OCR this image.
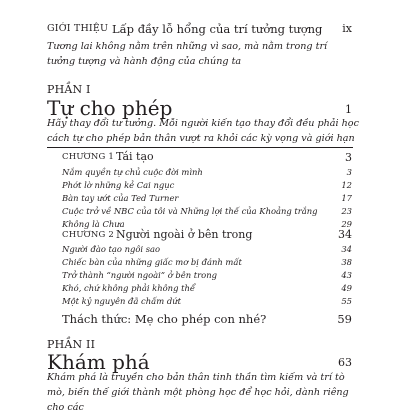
GIỚI THIỆU Lấp đầy lỗ hổng của trí tưởng tượng ix
Tương lai không nằm trên những vì sao, mà nằm trong trí tưởng tượng và hành động của chúng ta
PHẦN I
Tự cho phép	1
Hãy thay đổi tư tưởng. Mỗi người kiến tạo thay đổi đều phải học cách tự cho phép bản thân vượt ra khỏi các kỳ vọng và giới hạn
CHƯƠNG 1 Tái tạo	3
Nắm quyền tự chủ cuộc đời mình	3
Phớt lờ những kẻ Cai ngục	12
Bàn tay ướt của Ted Turner	17
Cuộc trở về NBC của tôi và Những lợi thế của Khoảng trắng	23
Không là Chưa	29
CHƯƠNG 2 Người ngoài ở bên trong	34
Người đào tạo ngôi sao	34
Chiếc bàn của những giấc mơ bị đánh mất	38
Trở thành “người ngoài” ở bên trong	43
Khó, chứ không phải không thể	49
Một kỷ nguyên đã chấm dứt	55
Thách thức: Mẹ cho phép con nhé?	59
PHẦN II
Khám phá	63
Khám phá là truyền cho bản thân tinh thần tìm kiếm và trí tò mò, biến thế giới thành một phòng học để học hỏi, dành riêng cho các
